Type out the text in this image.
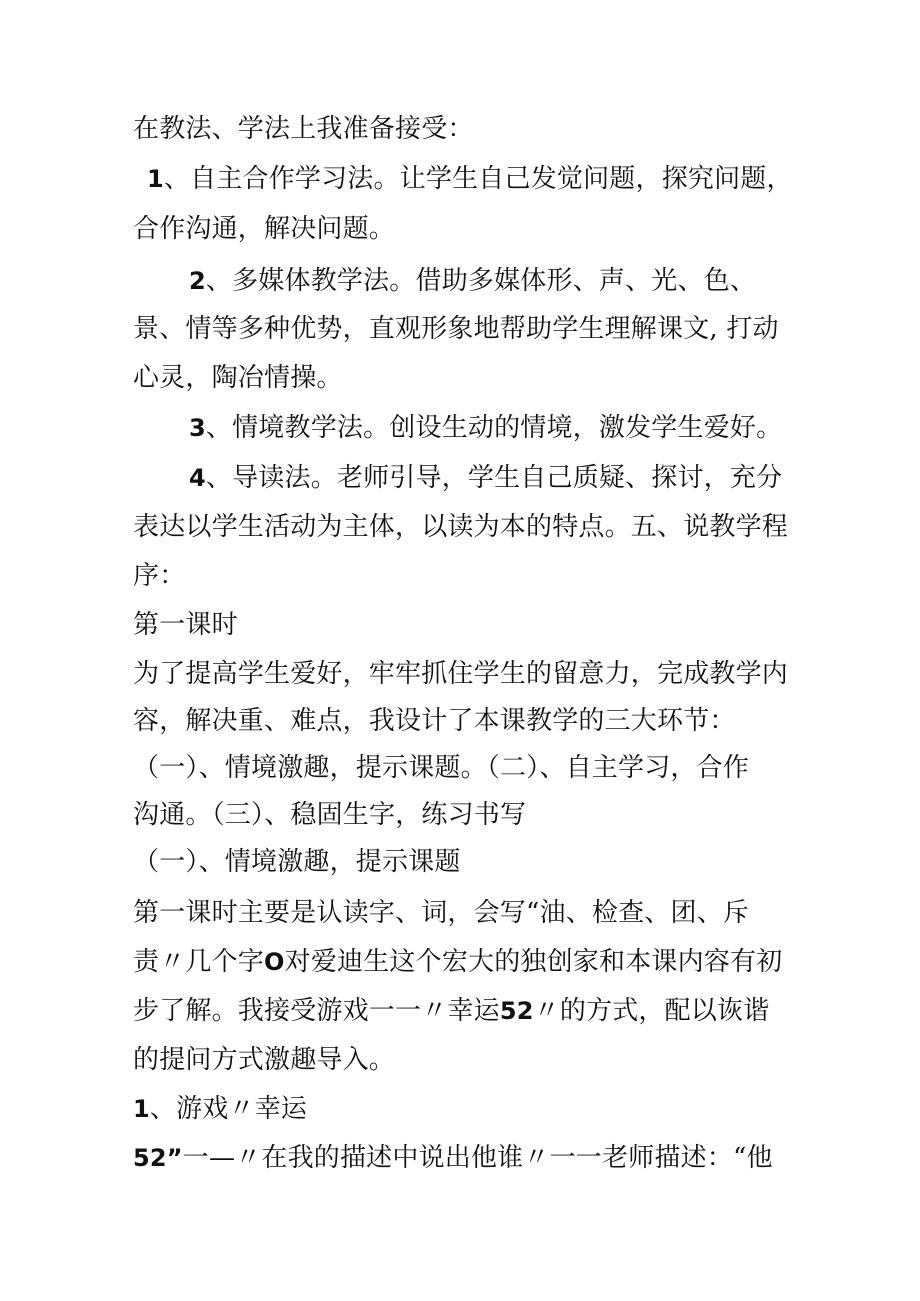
在教法、学法上我准备接受：
1、自主合作学习法。让学生自己发觉问题，探究问题，
合作沟通，解决问题。
2、多媒体教学法。借助多媒体形、声、光、色、
景、情等多种优势，直观形象地帮助学生理解课文, 打动
心灵，陶冶情操。
3、情境教学法。创设生动的情境，激发学生爱好。
4、导读法。老师引导，学生自己质疑、探讨，充分
表达以学生活动为主体，以读为本的特点。五、说教学程
序：
第一课时
为了提高学生爱好，牢牢抓住学生的留意力，完成教学内
容，解决重、难点，我设计了本课教学的三大环节：
（一）、情境激趣，提示课题。（二）、自主学习，合作
沟通。（三）、稳固生字，练习书写
（一）、情境激趣，提示课题
第一课时主要是认读字、词，会写“油、检查、团、斥
责〃几个字O对爱迪生这个宏大的独创家和本课内容有初
步了解。我接受游戏一一〃幸运52〃的方式，配以诙谐
的提问方式激趣导入。
1、游戏〃幸运
52”一—〃在我的描述中说出他谁〃一一老师描述：“他
